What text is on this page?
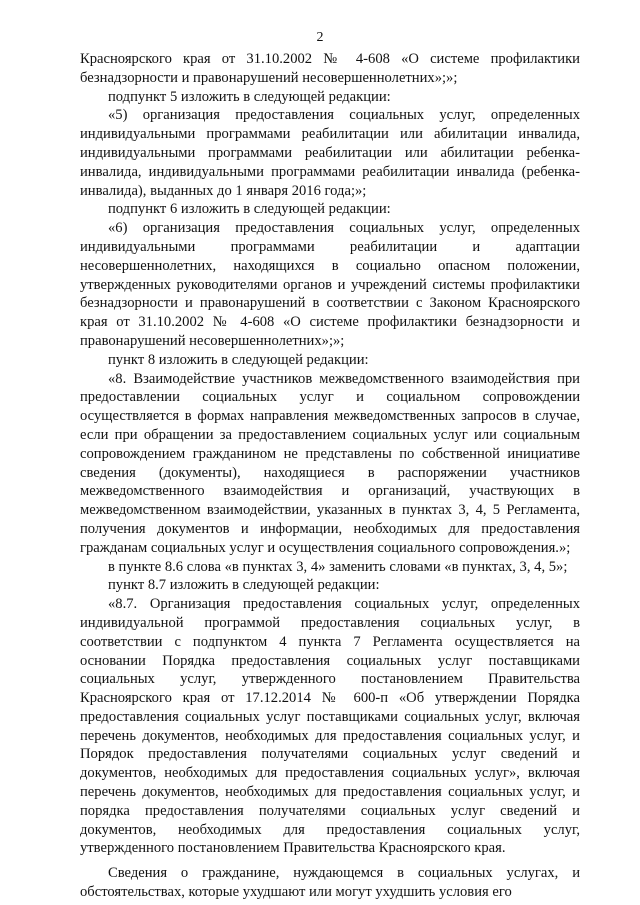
2

Красноярского края от 31.10.2002 № 4-608 «О системе профилактики безнадзорности и правонарушений несовершеннолетних»;»;

подпункт 5 изложить в следующей редакции:

«5) организация предоставления социальных услуг, определенных индивидуальными программами реабилитации или абилитации инвалида, индивидуальными программами реабилитации или абилитации ребенка-инвалида, индивидуальными программами реабилитации инвалида (ребенка-инвалида), выданных до 1 января 2016 года;»;

подпункт 6 изложить в следующей редакции:

«6) организация предоставления социальных услуг, определенных индивидуальными программами реабилитации и адаптации несовершеннолетних, находящихся в социально опасном положении, утвержденных руководителями органов и учреждений системы профилактики безнадзорности и правонарушений в соответствии с Законом Красноярского края от 31.10.2002 № 4-608 «О системе профилактики безнадзорности и правонарушений несовершеннолетних»;»;

пункт 8 изложить в следующей редакции:

«8. Взаимодействие участников межведомственного взаимодействия при предоставлении социальных услуг и социальном сопровождении осуществляется в формах направления межведомственных запросов в случае, если при обращении за предоставлением социальных услуг или социальным сопровождением гражданином не представлены по собственной инициативе сведения (документы), находящиеся в распоряжении участников межведомственного взаимодействия и организаций, участвующих в межведомственном взаимодействии, указанных в пунктах 3, 4, 5 Регламента, получения документов и информации, необходимых для предоставления гражданам социальных услуг и осуществления социального сопровождения.»;

в пункте 8.6 слова «в пунктах 3, 4» заменить словами «в пунктах, 3, 4, 5»;

пункт 8.7 изложить в следующей редакции:

«8.7. Организация предоставления социальных услуг, определенных индивидуальной программой предоставления социальных услуг, в соответствии с подпунктом 4 пункта 7 Регламента осуществляется на основании Порядка предоставления социальных услуг поставщиками социальных услуг, утвержденного постановлением Правительства Красноярского края от 17.12.2014 № 600-п «Об утверждении Порядка предоставления социальных услуг поставщиками социальных услуг, включая перечень документов, необходимых для предоставления социальных услуг, и Порядок предоставления получателями социальных услуг сведений и документов, необходимых для предоставления социальных услуг», включая перечень документов, необходимых для предоставления социальных услуг, и порядка предоставления получателями социальных услуг сведений и документов, необходимых для предоставления социальных услуг, утвержденного постановлением Правительства Красноярского края.

Сведения о гражданине, нуждающемся в социальных услугах, и обстоятельствах, которые ухудшают или могут ухудшить условия его
